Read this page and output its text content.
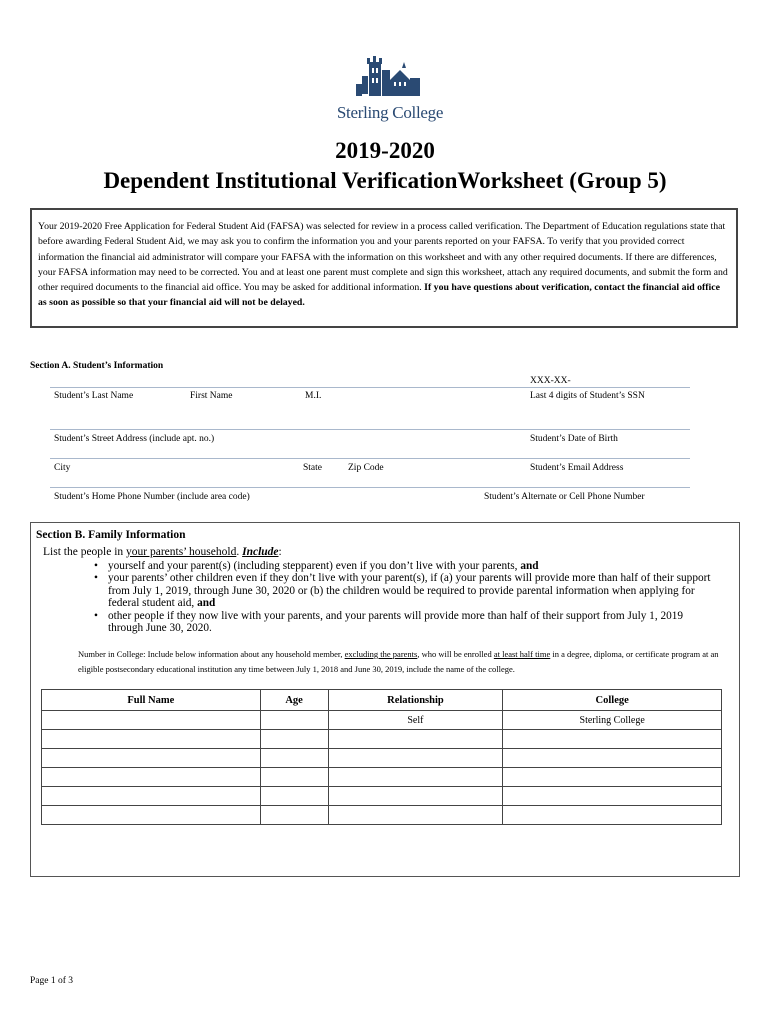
Sterling College
2019-2020
Dependent Institutional VerificationWorksheet (Group 5)
Your 2019-2020 Free Application for Federal Student Aid (FAFSA) was selected for review in a process called verification. The Department of Education regulations state that before awarding Federal Student Aid, we may ask you to confirm the information you and your parents reported on your FAFSA. To verify that you provided correct information the financial aid administrator will compare your FAFSA with the information on this worksheet and with any other required documents. If there are differences, your FAFSA information may need to be corrected. You and at least one parent must complete and sign this worksheet, attach any required documents, and submit the form and other required documents to the financial aid office. You may be asked for additional information. If you have questions about verification, contact the financial aid office as soon as possible so that your financial aid will not be delayed.
Section A. Student’s Information
XXX-XX-
Student’s Last Name	First Name	M.I.	Last 4 digits of Student’s SSN
Student’s Street Address (include apt. no.)	Student’s Date of Birth
City	State	Zip Code	Student’s Email Address
Student’s Home Phone Number (include area code)	Student’s Alternate or Cell Phone Number
Section B. Family Information
List the people in your parents’ household. Include:
• yourself and your parent(s) (including stepparent) even if you don’t live with your parents, and
• your parents’ other children even if they don’t live with your parent(s), if (a) your parents will provide more than half of their support from July 1, 2019, through June 30, 2020 or (b) the children would be required to provide parental information when applying for federal student aid, and
• other people if they now live with your parents, and your parents will provide more than half of their support from July 1, 2019 through June 30, 2020.
Number in College: Include below information about any household member, excluding the parents, who will be enrolled at least half time in a degree, diploma, or certificate program at an eligible postsecondary educational institution any time between July 1, 2018 and June 30, 2019, include the name of the college.
Full Name	Age	Relationship	College
		Self	Sterling College

Page 1 of 3
